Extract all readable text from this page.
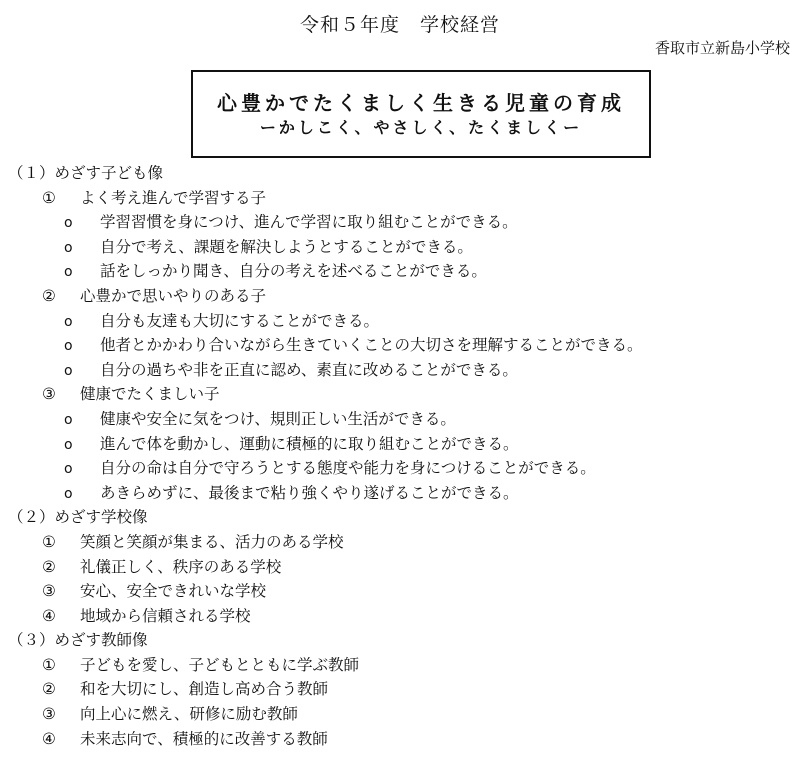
令和５年度　学校経営
香取市立新島小学校
心豊かでたくましく生きる児童の育成
ーかしこく、やさしく、たくましくー
（１）めざす子ども像
① よく考え進んで学習する子
o 学習習慣を身につけ、進んで学習に取り組むことができる。
o 自分で考え、課題を解決しようとすることができる。
o 話をしっかり聞き、自分の考えを述べることができる。
② 心豊かで思いやりのある子
o 自分も友達も大切にすることができる。
o 他者とかかわり合いながら生きていくことの大切さを理解することができる。
o 自分の過ちや非を正直に認め、素直に改めることができる。
③ 健康でたくましい子
o 健康や安全に気をつけ、規則正しい生活ができる。
o 進んで体を動かし、運動に積極的に取り組むことができる。
o 自分の命は自分で守ろうとする態度や能力を身につけることができる。
o あきらめずに、最後まで粘り強くやり遂げることができる。
（２）めざす学校像
① 笑顔と笑顔が集まる、活力のある学校
② 礼儀正しく、秩序のある学校
③ 安心、安全できれいな学校
④ 地域から信頼される学校
（３）めざす教師像
① 子どもを愛し、子どもとともに学ぶ教師
② 和を大切にし、創造し高め合う教師
③ 向上心に燃え、研修に励む教師
④ 未来志向で、積極的に改善する教師
